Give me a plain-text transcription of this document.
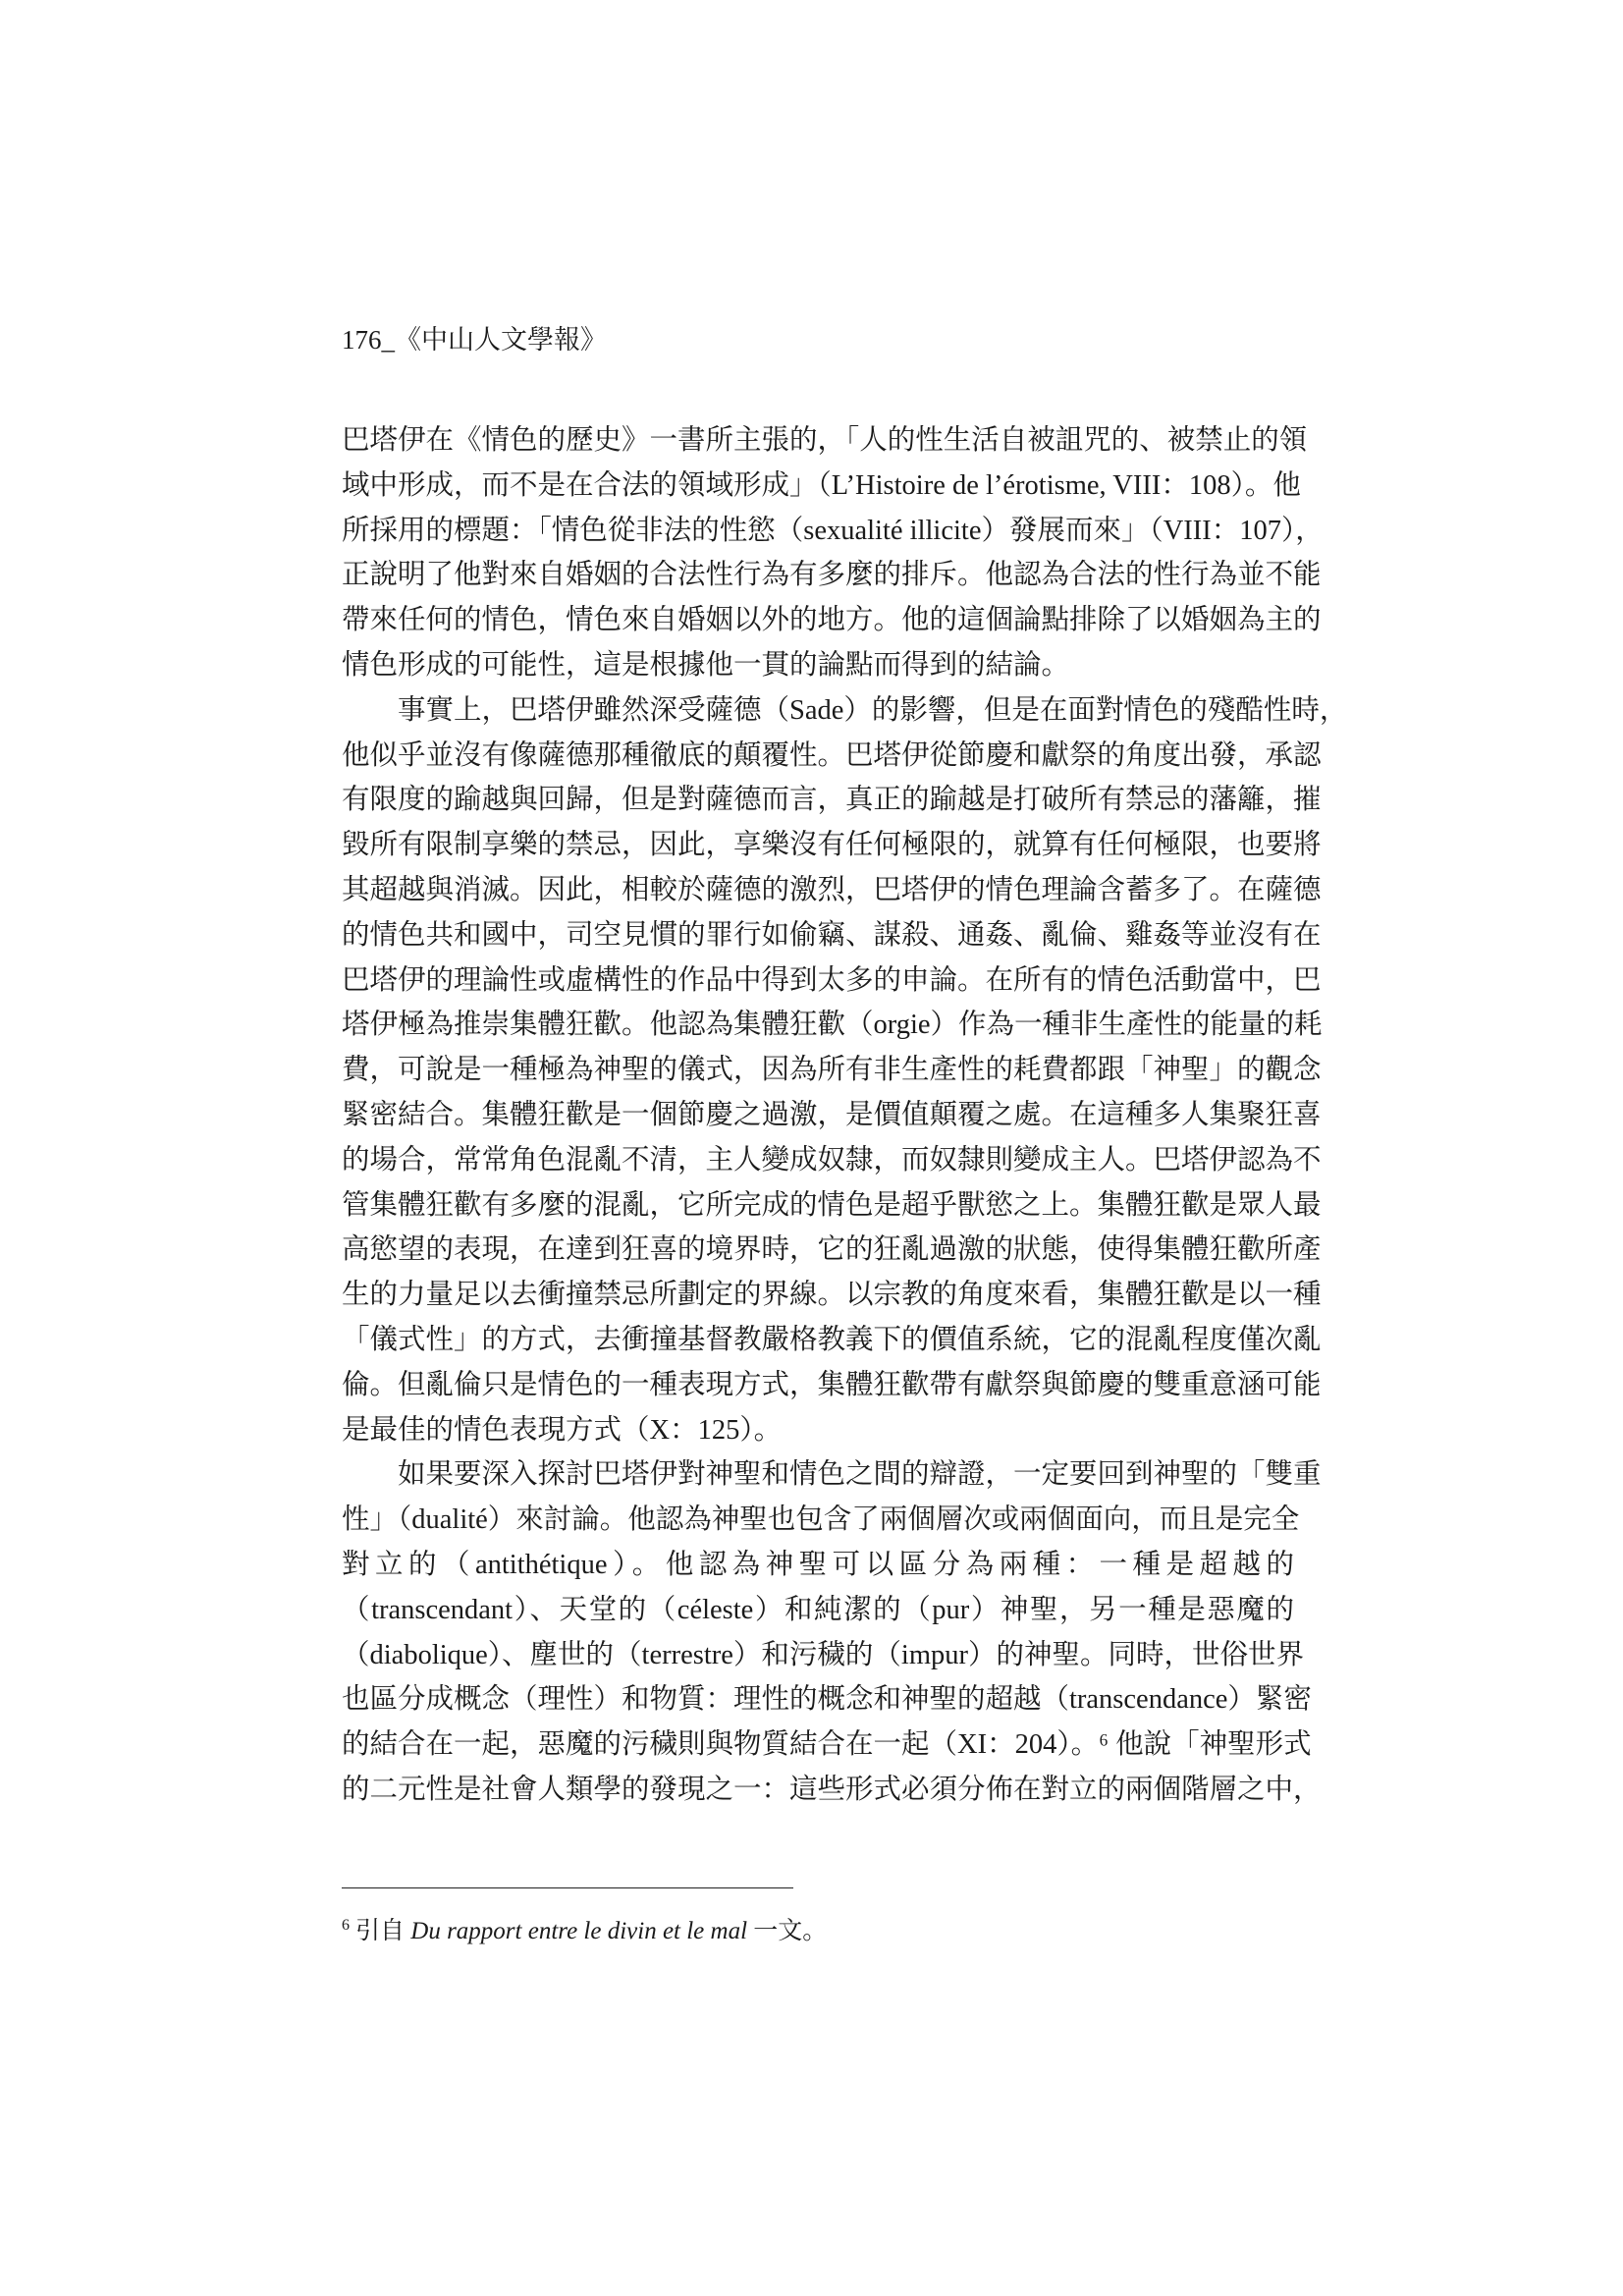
176_《中山人文學報》
巴塔伊在《情色的歷史》一書所主張的，「人的性生活自被詛咒的、被禁止的領
域中形成，而不是在合法的領域形成」（L’Histoire de l’érotisme, VIII：108）。他
所採用的標題：「情色從非法的性慾（sexualité illicite）發展而來」（VIII：107），
正說明了他對來自婚姻的合法性行為有多麼的排斥。他認為合法的性行為並不能
帶來任何的情色，情色來自婚姻以外的地方。他的這個論點排除了以婚姻為主的
情色形成的可能性，這是根據他一貫的論點而得到的結論。
事實上，巴塔伊雖然深受薩德（Sade）的影響，但是在面對情色的殘酷性時，
他似乎並沒有像薩德那種徹底的顛覆性。巴塔伊從節慶和獻祭的角度出發，承認
有限度的踰越與回歸，但是對薩德而言，真正的踰越是打破所有禁忌的藩籬，摧
毀所有限制享樂的禁忌，因此，享樂沒有任何極限的，就算有任何極限，也要將
其超越與消滅。因此，相較於薩德的激烈，巴塔伊的情色理論含蓄多了。在薩德
的情色共和國中，司空見慣的罪行如偷竊、謀殺、通姦、亂倫、雞姦等並沒有在
巴塔伊的理論性或虛構性的作品中得到太多的申論。在所有的情色活動當中，巴
塔伊極為推崇集體狂歡。他認為集體狂歡（orgie）作為一種非生產性的能量的耗
費，可說是一種極為神聖的儀式，因為所有非生產性的耗費都跟「神聖」的觀念
緊密結合。集體狂歡是一個節慶之過激，是價值顛覆之處。在這種多人集聚狂喜
的場合，常常角色混亂不清，主人變成奴隸，而奴隸則變成主人。巴塔伊認為不
管集體狂歡有多麼的混亂，它所完成的情色是超乎獸慾之上。集體狂歡是眾人最
高慾望的表現，在達到狂喜的境界時，它的狂亂過激的狀態，使得集體狂歡所產
生的力量足以去衝撞禁忌所劃定的界線。以宗教的角度來看，集體狂歡是以一種
「儀式性」的方式，去衝撞基督教嚴格教義下的價值系統，它的混亂程度僅次亂
倫。但亂倫只是情色的一種表現方式，集體狂歡帶有獻祭與節慶的雙重意涵可能
是最佳的情色表現方式（X：125）。
如果要深入探討巴塔伊對神聖和情色之間的辯證，一定要回到神聖的「雙重
性」（dualité）來討論。他認為神聖也包含了兩個層次或兩個面向，而且是完全
對立的（antithétique）。他認為神聖可以區分為兩種：一種是超越的
（transcendant）、天堂的（céleste）和純潔的（pur）神聖，另一種是惡魔的
（diabolique）、塵世的（terrestre）和污穢的（impur）的神聖。同時，世俗世界
也區分成概念（理性）和物質：理性的概念和神聖的超越（transcendance）緊密
的結合在一起，惡魔的污穢則與物質結合在一起（XI：204）。⁶ 他說「神聖形式
的二元性是社會人類學的發現之一：這些形式必須分佈在對立的兩個階層之中，
$^6$ 引自 Du rapport entre le divin et le mal 一文。
